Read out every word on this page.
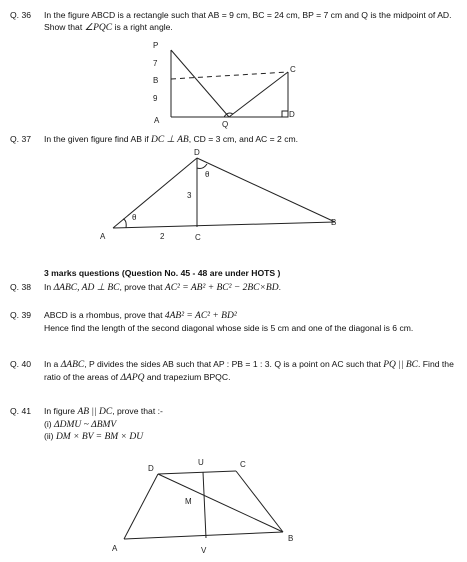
Q. 36 In the figure ABCD is a rectangle such that AB = 9 cm, BC = 24 cm, BP = 7 cm and Q is the midpoint of AD. Show that ∠PQC is a right angle.
P
7
B
9
A	Q
D
C
Q. 37 In the given figure find AB if DC ⊥ AB, CD = 3 cm, and AC = 2 cm.
D
θ
3
θ
A	2	C
B
3 marks questions (Question No. 45 - 48 are under HOTS )
Q. 38 In ΔABC, AD ⊥ BC, prove that AC² = AB² + BC² − 2BC×BD.
Q. 39 ABCD is a rhombus, prove that 4AB² = AC² + BD²
Hence find the length of the second diagonal whose side is 5 cm and one of the diagonal is 6 cm.
Q. 40 In a ΔABC, P divides the sides AB such that AP : PB = 1 : 3. Q is a point on AC such that PQ || BC. Find the ratio of the areas of ΔAPQ and trapezium BPQC.
Q. 41 In figure AB || DC, prove that :-
(i) ΔDMU ~ ΔBMV
(ii) DM × BV = BM × DU
D
U	C
M
B
A	V
